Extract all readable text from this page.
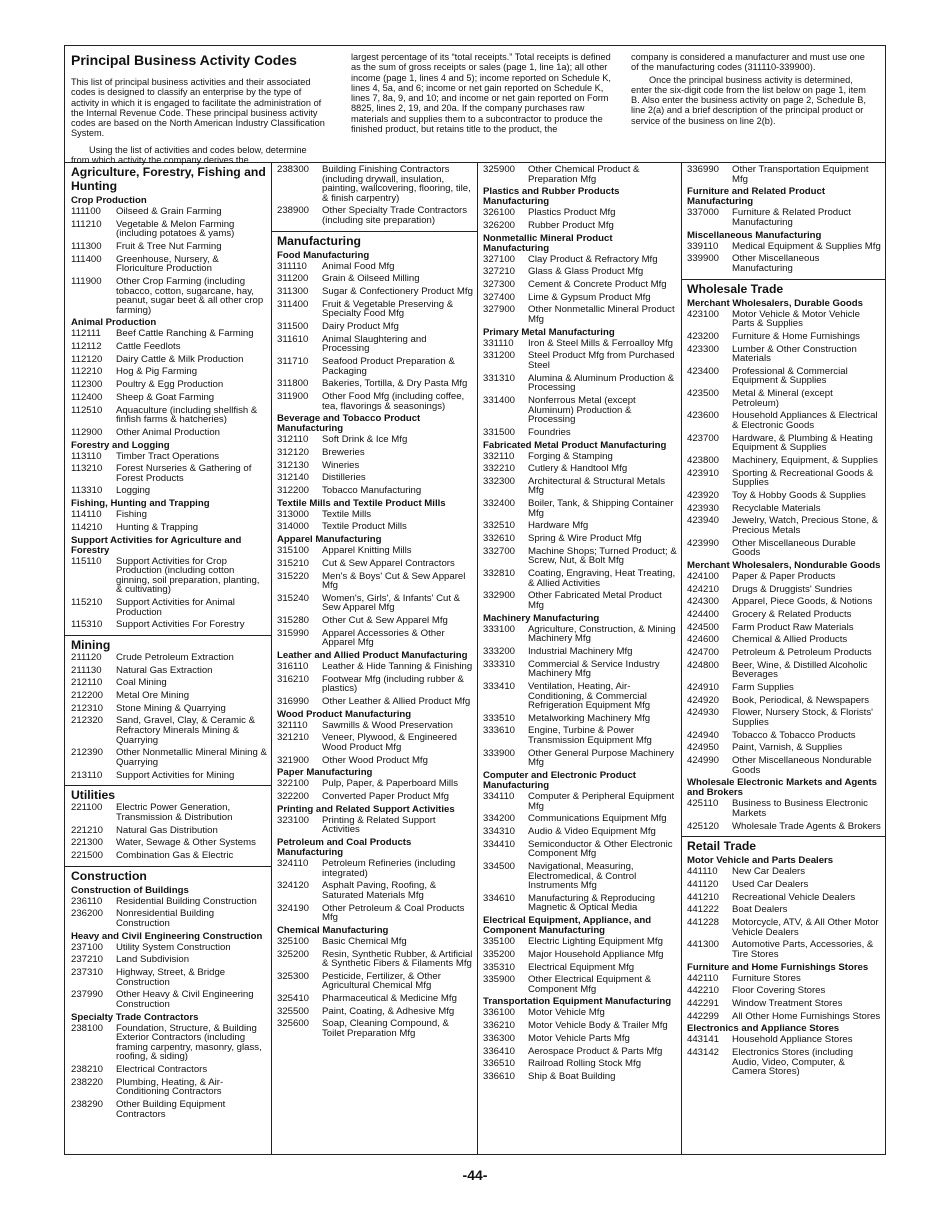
Principal Business Activity Codes

This list of principal business activities and their associated codes is designed to classify an enterprise by the type of activity in which it is engaged to facilitate the administration of the Internal Revenue Code. These principal business activity codes are based on the North American Industry Classification System.

Using the list of activities and codes below, determine from which activity the company derives the

largest percentage of its “total receipts.” Total receipts is defined as the sum of gross receipts or sales (page 1, line 1a); all other income (page 1, lines 4 and 5); income reported on Schedule K, lines 4, 5a, and 6; income or net gain reported on Schedule K, lines 7, 8a, 9, and 10; and income or net gain reported on Form 8825, lines 2, 19, and 20a. If the company purchases raw materials and supplies them to a subcontractor to produce the finished product, but retains title to the product, the

company is considered a manufacturer and must use one of the manufacturing codes (311110-339900).

Once the principal business activity is determined, enter the six-digit code from the list below on page 1, item B. Also enter the business activity on page 2, Schedule B, line 2(a) and a brief description of the principal product or service of the business on line 2(b).

Agriculture, Forestry, Fishing and Hunting
Crop Production
111100	Oilseed & Grain Farming
111210	Vegetable & Melon Farming (including potatoes & yams)
111300	Fruit & Tree Nut Farming
111400	Greenhouse, Nursery, & Floriculture Production
111900	Other Crop Farming (including tobacco, cotton, sugarcane, hay, peanut, sugar beet & all other crop farming)
Animal Production
112111	Beef Cattle Ranching & Farming
112112	Cattle Feedlots
112120	Dairy Cattle & Milk Production
112210	Hog & Pig Farming
112300	Poultry & Egg Production
112400	Sheep & Goat Farming
112510	Aquaculture (including shellfish & finfish farms & hatcheries)
112900	Other Animal Production
Forestry and Logging
113110	Timber Tract Operations
113210	Forest Nurseries & Gathering of Forest Products
113310	Logging
Fishing, Hunting and Trapping
114110	Fishing
114210	Hunting & Trapping
Support Activities for Agriculture and Forestry
115110	Support Activities for Crop Production (including cotton ginning, soil preparation, planting, & cultivating)
115210	Support Activities for Animal Production
115310	Support Activities For Forestry
Mining
211120	Crude Petroleum Extraction
211130	Natural Gas Extraction
212110	Coal Mining
212200	Metal Ore Mining
212310	Stone Mining & Quarrying
212320	Sand, Gravel, Clay, & Ceramic & Refractory Minerals Mining & Quarrying
212390	Other Nonmetallic Mineral Mining & Quarrying
213110	Support Activities for Mining
Utilities
221100	Electric Power Generation, Transmission & Distribution
221210	Natural Gas Distribution
221300	Water, Sewage & Other Systems
221500	Combination Gas & Electric
Construction
Construction of Buildings
236110	Residential Building Construction
236200	Nonresidential Building Construction
Heavy and Civil Engineering Construction
237100	Utility System Construction
237210	Land Subdivision
237310	Highway, Street, & Bridge Construction
237990	Other Heavy & Civil Engineering Construction
Specialty Trade Contractors
238100	Foundation, Structure, & Building Exterior Contractors (including framing carpentry, masonry, glass, roofing, & siding)
238210	Electrical Contractors
238220	Plumbing, Heating, & Air-Conditioning Contractors
238290	Other Building Equipment Contractors
238300	Building Finishing Contractors (including drywall, insulation, painting, wallcovering, flooring, tile, & finish carpentry)
238900	Other Specialty Trade Contractors (including site preparation)
Manufacturing
Food Manufacturing
311110	Animal Food Mfg
311200	Grain & Oilseed Milling
311300	Sugar & Confectionery Product Mfg
311400	Fruit & Vegetable Preserving & Specialty Food Mfg
311500	Dairy Product Mfg
311610	Animal Slaughtering and Processing
311710	Seafood Product Preparation & Packaging
311800	Bakeries, Tortilla, & Dry Pasta Mfg
311900	Other Food Mfg (including coffee, tea, flavorings & seasonings)
Beverage and Tobacco Product Manufacturing
312110	Soft Drink & Ice Mfg
312120	Breweries
312130	Wineries
312140	Distilleries
312200	Tobacco Manufacturing
Textile Mills and Textile Product Mills
313000	Textile Mills
314000	Textile Product Mills
Apparel Manufacturing
315100	Apparel Knitting Mills
315210	Cut & Sew Apparel Contractors
315220	Men's & Boys' Cut & Sew Apparel Mfg
315240	Women's, Girls', & Infants' Cut & Sew Apparel Mfg
315280	Other Cut & Sew Apparel Mfg
315990	Apparel Accessories & Other Apparel Mfg
Leather and Allied Product Manufacturing
316110	Leather & Hide Tanning & Finishing
316210	Footwear Mfg (including rubber & plastics)
316990	Other Leather & Allied Product Mfg
Wood Product Manufacturing
321110	Sawmills & Wood Preservation
321210	Veneer, Plywood, & Engineered Wood Product Mfg
321900	Other Wood Product Mfg
Paper Manufacturing
322100	Pulp, Paper, & Paperboard Mills
322200	Converted Paper Product Mfg
Printing and Related Support Activities
323100	Printing & Related Support Activities
Petroleum and Coal Products Manufacturing
324110	Petroleum Refineries (including integrated)
324120	Asphalt Paving, Roofing, & Saturated Materials Mfg
324190	Other Petroleum & Coal Products Mfg
Chemical Manufacturing
325100	Basic Chemical Mfg
325200	Resin, Synthetic Rubber, & Artificial & Synthetic Fibers & Filaments Mfg
325300	Pesticide, Fertilizer, & Other Agricultural Chemical Mfg
325410	Pharmaceutical & Medicine Mfg
325500	Paint, Coating, & Adhesive Mfg
325600	Soap, Cleaning Compound, & Toilet Preparation Mfg
325900	Other Chemical Product & Preparation Mfg
Plastics and Rubber Products Manufacturing
326100	Plastics Product Mfg
326200	Rubber Product Mfg
Nonmetallic Mineral Product Manufacturing
327100	Clay Product & Refractory Mfg
327210	Glass & Glass Product Mfg
327300	Cement & Concrete Product Mfg
327400	Lime & Gypsum Product Mfg
327900	Other Nonmetallic Mineral Product Mfg
Primary Metal Manufacturing
331110	Iron & Steel Mills & Ferroalloy Mfg
331200	Steel Product Mfg from Purchased Steel
331310	Alumina & Aluminum Production & Processing
331400	Nonferrous Metal (except Aluminum) Production & Processing
331500	Foundries
Fabricated Metal Product Manufacturing
332110	Forging & Stamping
332210	Cutlery & Handtool Mfg
332300	Architectural & Structural Metals Mfg
332400	Boiler, Tank, & Shipping Container Mfg
332510	Hardware Mfg
332610	Spring & Wire Product Mfg
332700	Machine Shops; Turned Product; & Screw, Nut, & Bolt Mfg
332810	Coating, Engraving, Heat Treating, & Allied Activities
332900	Other Fabricated Metal Product Mfg
Machinery Manufacturing
333100	Agriculture, Construction, & Mining Machinery Mfg
333200	Industrial Machinery Mfg
333310	Commercial & Service Industry Machinery Mfg
333410	Ventilation, Heating, Air-Conditioning, & Commercial Refrigeration Equipment Mfg
333510	Metalworking Machinery Mfg
333610	Engine, Turbine & Power Transmission Equipment Mfg
333900	Other General Purpose Machinery Mfg
Computer and Electronic Product Manufacturing
334110	Computer & Peripheral Equipment Mfg
334200	Communications Equipment Mfg
334310	Audio & Video Equipment Mfg
334410	Semiconductor & Other Electronic Component Mfg
334500	Navigational, Measuring, Electromedical, & Control Instruments Mfg
334610	Manufacturing & Reproducing Magnetic & Optical Media
Electrical Equipment, Appliance, and Component Manufacturing
335100	Electric Lighting Equipment Mfg
335200	Major Household Appliance Mfg
335310	Electrical Equipment Mfg
335900	Other Electrical Equipment & Component Mfg
Transportation Equipment Manufacturing
336100	Motor Vehicle Mfg
336210	Motor Vehicle Body & Trailer Mfg
336300	Motor Vehicle Parts Mfg
336410	Aerospace Product & Parts Mfg
336510	Railroad Rolling Stock Mfg
336610	Ship & Boat Building
336990	Other Transportation Equipment Mfg
Furniture and Related Product Manufacturing
337000	Furniture & Related Product Manufacturing
Miscellaneous Manufacturing
339110	Medical Equipment & Supplies Mfg
339900	Other Miscellaneous Manufacturing
Wholesale Trade
Merchant Wholesalers, Durable Goods
423100	Motor Vehicle & Motor Vehicle Parts & Supplies
423200	Furniture & Home Furnishings
423300	Lumber & Other Construction Materials
423400	Professional & Commercial Equipment & Supplies
423500	Metal & Mineral (except Petroleum)
423600	Household Appliances & Electrical & Electronic Goods
423700	Hardware, & Plumbing & Heating Equipment & Supplies
423800	Machinery, Equipment, & Supplies
423910	Sporting & Recreational Goods & Supplies
423920	Toy & Hobby Goods & Supplies
423930	Recyclable Materials
423940	Jewelry, Watch, Precious Stone, & Precious Metals
423990	Other Miscellaneous Durable Goods
Merchant Wholesalers, Nondurable Goods
424100	Paper & Paper Products
424210	Drugs & Druggists' Sundries
424300	Apparel, Piece Goods, & Notions
424400	Grocery & Related Products
424500	Farm Product Raw Materials
424600	Chemical & Allied Products
424700	Petroleum & Petroleum Products
424800	Beer, Wine, & Distilled Alcoholic Beverages
424910	Farm Supplies
424920	Book, Periodical, & Newspapers
424930	Flower, Nursery Stock, & Florists' Supplies
424940	Tobacco & Tobacco Products
424950	Paint, Varnish, & Supplies
424990	Other Miscellaneous Nondurable Goods
Wholesale Electronic Markets and Agents and Brokers
425110	Business to Business Electronic Markets
425120	Wholesale Trade Agents & Brokers
Retail Trade
Motor Vehicle and Parts Dealers
441110	New Car Dealers
441120	Used Car Dealers
441210	Recreational Vehicle Dealers
441222	Boat Dealers
441228	Motorcycle, ATV, & All Other Motor Vehicle Dealers
441300	Automotive Parts, Accessories, & Tire Stores
Furniture and Home Furnishings Stores
442110	Furniture Stores
442210	Floor Covering Stores
442291	Window Treatment Stores
442299	All Other Home Furnishings Stores
Electronics and Appliance Stores
443141	Household Appliance Stores
443142	Electronics Stores (including Audio, Video, Computer, & Camera Stores)
-44-
